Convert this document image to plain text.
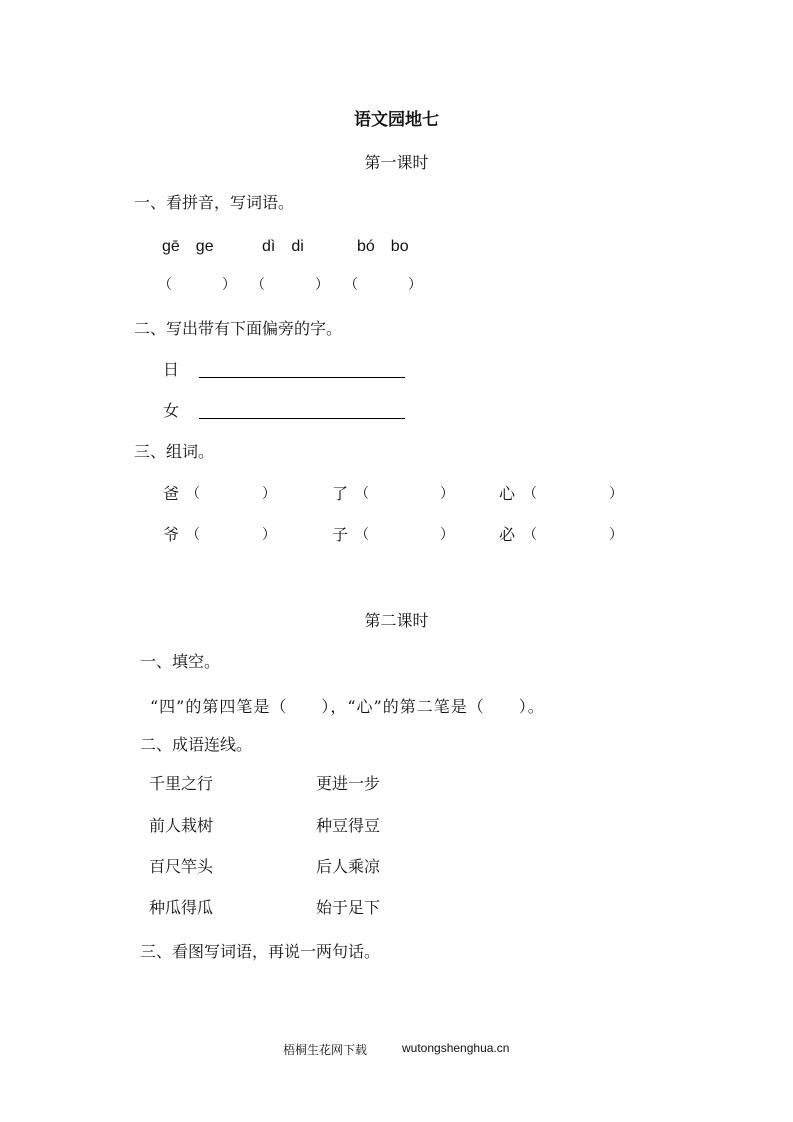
语文园地七
第一课时
一、看拼音，写词语。
gē　ge	dì　di	bó　bo
（　　　） （　　　） （　　　）
二、写出带有下面偏旁的字。
日
女
三、组词。
爸 （	）	了 （	）	心 （	）
爷 （	）	子 （	）	必 （	）
第二课时
一、填空。
“四”的第四笔是（　　），“心”的第二笔是（　　）。
二、成语连线。
千里之行	更进一步
前人栽树	种豆得豆
百尺竿头	后人乘凉
种瓜得瓜	始于足下
三、看图写词语，再说一两句话。
梧桐生花网下载	wutongshenghua.cn
